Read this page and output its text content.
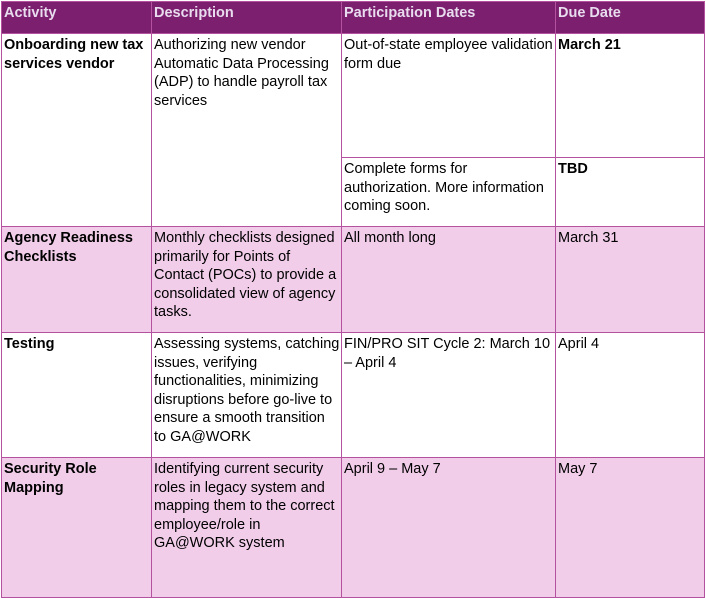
Activity	Description	Participation Dates	Due Date
Onboarding new tax services vendor	Authorizing new vendor Automatic Data Processing (ADP) to handle payroll tax services	Out-of-state employee validation form due	March 21
		Complete forms for authorization. More information coming soon.	TBD
Agency Readiness Checklists	Monthly checklists designed primarily for Points of Contact (POCs) to provide a consolidated view of agency tasks.	All month long	March 31
Testing	Assessing systems, catching issues, verifying functionalities, minimizing disruptions before go-live to ensure a smooth transition to GA@WORK	FIN/PRO SIT Cycle 2: March 10 – April 4	April 4
Security Role Mapping	Identifying current security roles in legacy system and mapping them to the correct employee/role in GA@WORK system	April 9 – May 7	May 7
